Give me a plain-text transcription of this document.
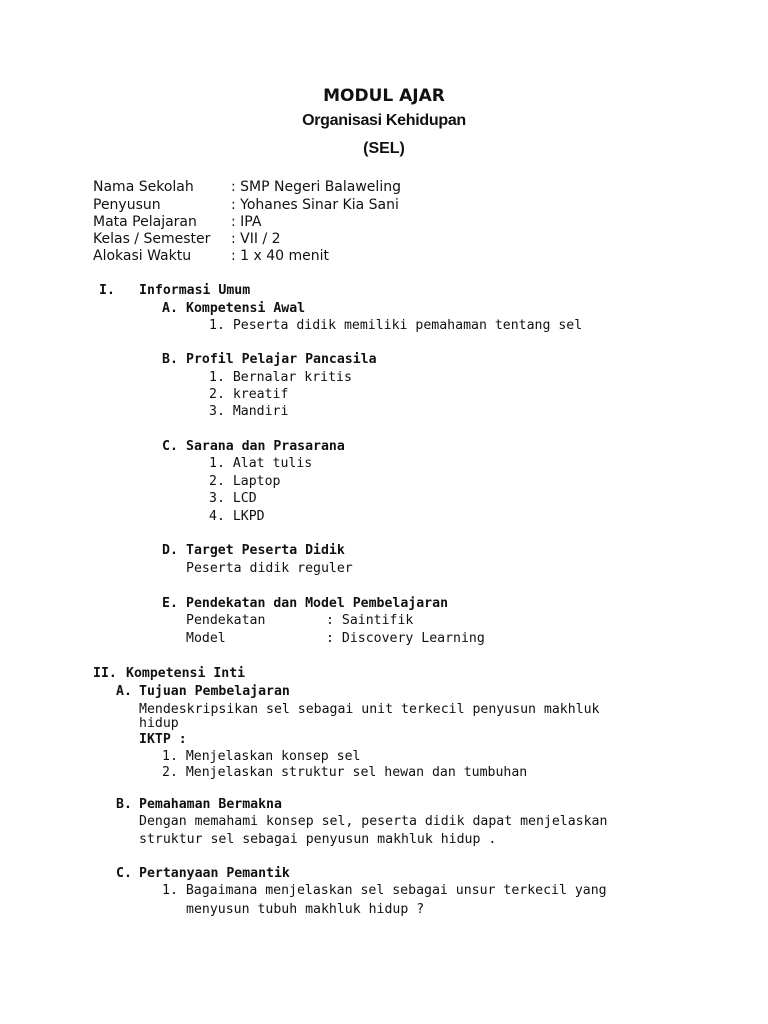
MODUL AJAR
Organisasi Kehidupan
(SEL)
Nama Sekolah	: SMP Negeri Balaweling
Penyusun	: Yohanes Sinar Kia Sani
Mata Pelajaran : IPA
Kelas / Semester : VII / 2
Alokasi Waktu	: 1 x 40 menit
I. Informasi Umum
A. Kompetensi Awal
1. Peserta didik memiliki pemahaman tentang sel
B. Profil Pelajar Pancasila
1. Bernalar kritis
2. kreatif
3. Mandiri
C. Sarana dan Prasarana
1. Alat tulis
2. Laptop
3. LCD
4. LKPD
D. Target Peserta Didik
Peserta didik reguler
E. Pendekatan dan Model Pembelajaran
Pendekatan	: Saintifik
Model	: Discovery Learning
II. Kompetensi Inti
A. Tujuan Pembelajaran
Mendeskripsikan sel sebagai unit terkecil penyusun makhluk
hidup
IKTP :
1. Menjelaskan konsep sel
2. Menjelaskan struktur sel hewan dan tumbuhan
B. Pemahaman Bermakna
Dengan memahami konsep sel, peserta didik dapat menjelaskan
struktur sel sebagai penyusun makhluk hidup .
C. Pertanyaan Pemantik
1. Bagaimana menjelaskan sel sebagai unsur terkecil yang
menyusun tubuh makhluk hidup ?
